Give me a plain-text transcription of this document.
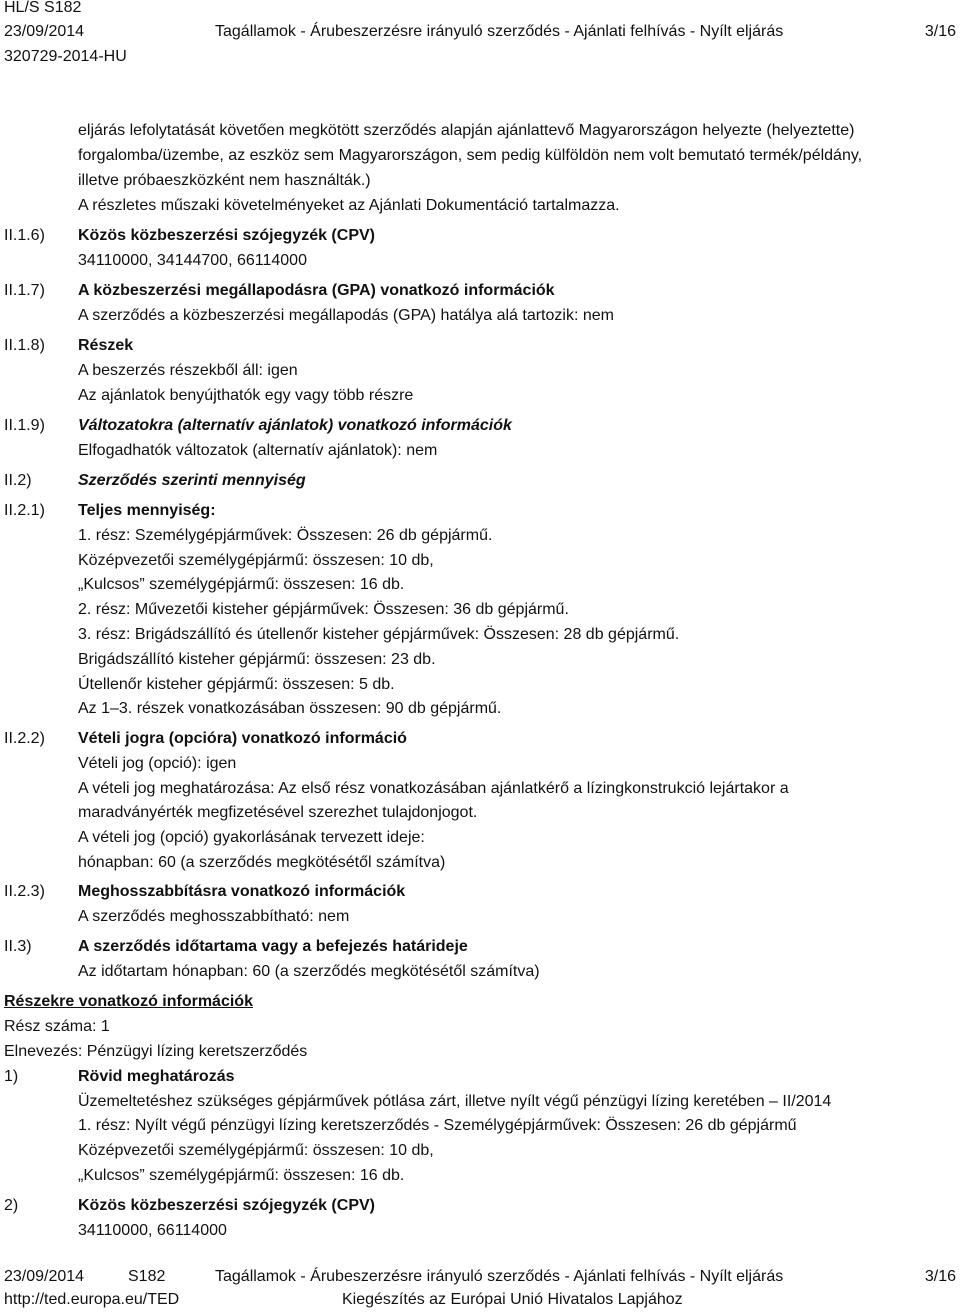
HL/S S182
23/09/2014	Tagállamok - Árubeszerzésre irányuló szerződés - Ajánlati felhívás - Nyílt eljárás	3/16
320729-2014-HU
eljárás lefolytatását követően megkötött szerződés alapján ajánlattevő Magyarországon helyezte (helyeztette)
forgalomba/üzembe, az eszköz sem Magyarországon, sem pedig külföldön nem volt bemutató termék/példány,
illetve próbaeszközként nem használták.)
A részletes műszaki követelményeket az Ajánlati Dokumentáció tartalmazza.
II.1.6) Közös közbeszerzési szójegyzék (CPV)
34110000, 34144700, 66114000
II.1.7) A közbeszerzési megállapodásra (GPA) vonatkozó információk
A szerződés a közbeszerzési megállapodás (GPA) hatálya alá tartozik: nem
II.1.8) Részek
A beszerzés részekből áll: igen
Az ajánlatok benyújthatók egy vagy több részre
II.1.9) Változatokra (alternatív ajánlatok) vonatkozó információk
Elfogadhatók változatok (alternatív ajánlatok): nem
II.2)	Szerződés szerinti mennyiség
II.2.1) Teljes mennyiség:
1. rész: Személygépjárművek: Összesen: 26 db gépjármű.
Középvezetői személygépjármű: összesen: 10 db,
„Kulcsos” személygépjármű: összesen: 16 db.
2. rész: Művezetői kisteher gépjárművek: Összesen: 36 db gépjármű.
3. rész: Brigádszállító és útellenőr kisteher gépjárművek: Összesen: 28 db gépjármű.
Brigádszállító kisteher gépjármű: összesen: 23 db.
Útellenőr kisteher gépjármű: összesen: 5 db.
Az 1–3. részek vonatkozásában összesen: 90 db gépjármű.
II.2.2) Vételi jogra (opcióra) vonatkozó információ
Vételi jog (opció): igen
A vételi jog meghatározása: Az első rész vonatkozásában ajánlatkérő a lízingkonstrukció lejártakor a
maradványérték megfizetésével szerezhet tulajdonjogot.
A vételi jog (opció) gyakorlásának tervezett ideje:
hónapban: 60 (a szerződés megkötésétől számítva)
II.2.3) Meghosszabbításra vonatkozó információk
A szerződés meghosszabbítható: nem
II.3)	A szerződés időtartama vagy a befejezés határideje
Az időtartam hónapban: 60 (a szerződés megkötésétől számítva)
Részekre vonatkozó információk
Rész száma: 1
Elnevezés: Pénzügyi lízing keretszerződés
1)	Rövid meghatározás
Üzemeltetéshez szükséges gépjárművek pótlása zárt, illetve nyílt végű pénzügyi lízing keretében – II/2014
1. rész: Nyílt végű pénzügyi lízing keretszerződés - Személygépjárművek: Összesen: 26 db gépjármű
Középvezetői személygépjármű: összesen: 10 db,
„Kulcsos” személygépjármű: összesen: 16 db.
2)	Közös közbeszerzési szójegyzék (CPV)
34110000, 66114000
23/09/2014	S182	Tagállamok - Árubeszerzésre irányuló szerződés - Ajánlati felhívás - Nyílt eljárás	3/16
http://ted.europa.eu/TED	Kiegészítés az Európai Unió Hivatalos Lapjához
